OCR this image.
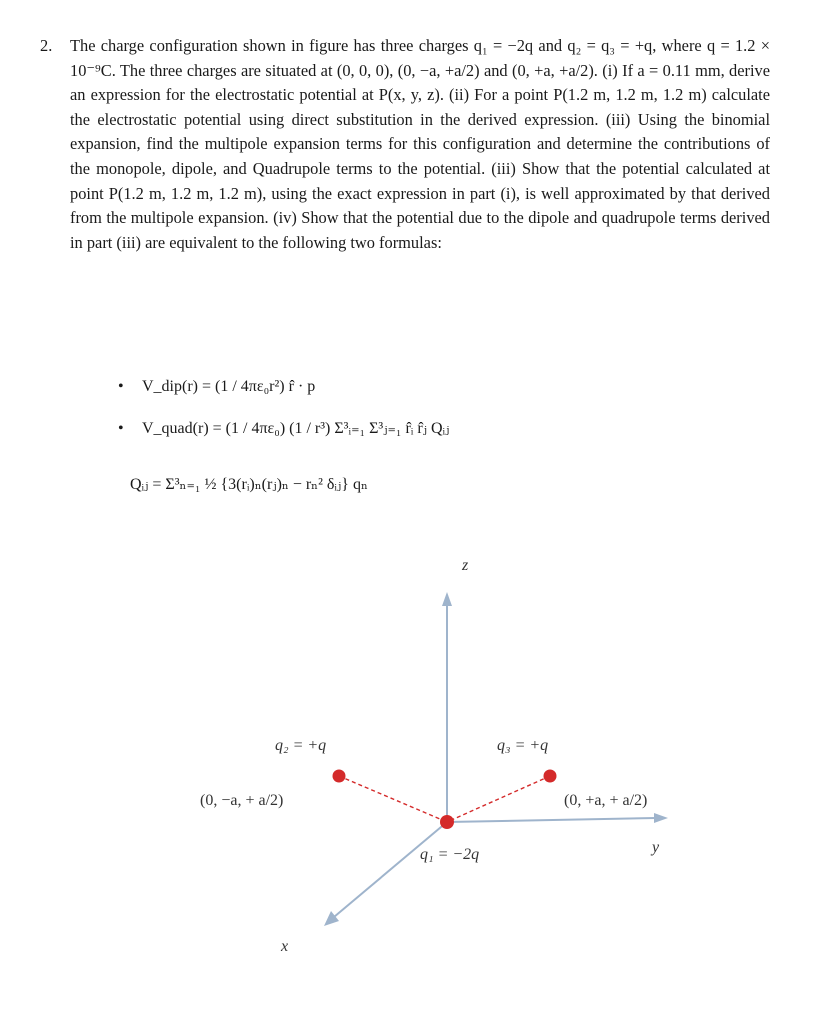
2. The charge configuration shown in figure has three charges q₁ = −2q and q₂ = q₃ = +q, where q = 1.2 × 10⁻⁹C. The three charges are situated at (0, 0, 0), (0, −a, +a/2) and (0, +a, +a/2). (i) If a = 0.11 mm, derive an expression for the electrostatic potential at P(x, y, z). (ii) For a point P(1.2 m, 1.2 m, 1.2 m) calculate the electrostatic potential using direct substitution in the derived expression. (iii) Using the binomial expansion, find the multipole expansion terms for this configuration and determine the contributions of the monopole, dipole, and Quadrupole terms to the potential. (iii) Show that the potential calculated at point P(1.2 m, 1.2 m, 1.2 m), using the exact expression in part (i), is well approximated by that derived from the multipole expansion. (iv) Show that the potential due to the dipole and quadrupole terms derived in part (iii) are equivalent to the following two formulas:

• V_dip(r) = (1 / 4πε₀r²) r̂ · p
• V_quad(r) = (1 / 4πε₀) (1 / r³) Σ³ᵢ₌₁ Σ³ⱼ₌₁ r̂ᵢ r̂ⱼ Qᵢⱼ
Qᵢⱼ = Σ³ₙ₌₁ ½ {3(rᵢ)ₙ(rⱼ)ₙ − rₙ² δᵢⱼ} qₙ
z
y
x
q₂ = +q	q₃ = +q
q₁ = −2q
(0, −a, + a/2)	(0, +a, + a/2)
